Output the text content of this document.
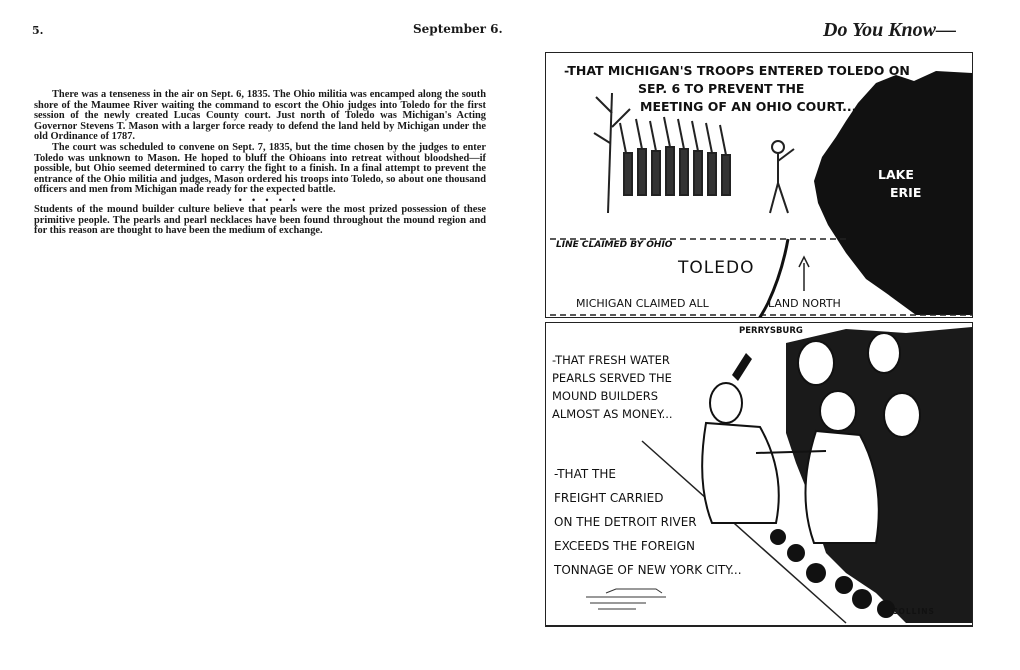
5.	September 6.	Do You Know—

There was a tenseness in the air on Sept. 6, 1835. The Ohio militia was encamped along the south shore of the Maumee River waiting the command to escort the Ohio judges into Toledo for the first session of the newly created Lucas County court. Just north of Toledo was Michigan's Acting Governor Stevens T. Mason with a larger force ready to defend the land held by Michigan under the old Ordinance of 1787.

The court was scheduled to convene on Sept. 7, 1835, but the time chosen by the judges to enter Toledo was unknown to Mason. He hoped to bluff the Ohioans into retreat without bloodshed—if possible, but Ohio seemed determined to carry the fight to a finish. In a final attempt to prevent the entrance of the Ohio militia and judges, Mason ordered his troops into Toledo, so about one thousand officers and men from Michigan made ready for the expected battle.

• • • • •

Students of the mound builder culture believe that pearls were the most prized possession of these primitive people. The pearls and pearl necklaces have been found throughout the mound region and for this reason are thought to have been the medium of exchange.

-THAT MICHIGAN'S TROOPS ENTERED TOLEDO ON
SEP. 6 TO PREVENT THE
MEETING OF AN OHIO COURT...
LAKE
ERIE
LINE CLAIMED BY OHIO
TOLEDO
MICHIGAN CLAIMED ALL	LAND NORTH
PERRYSBURG
-THAT FRESH WATER
PEARLS SERVED THE
MOUND BUILDERS
ALMOST AS MONEY...
-THAT THE
FREIGHT CARRIED
ON THE DETROIT RIVER
EXCEEDS THE FOREIGN
TONNAGE OF NEW YORK CITY...
COLLINS
